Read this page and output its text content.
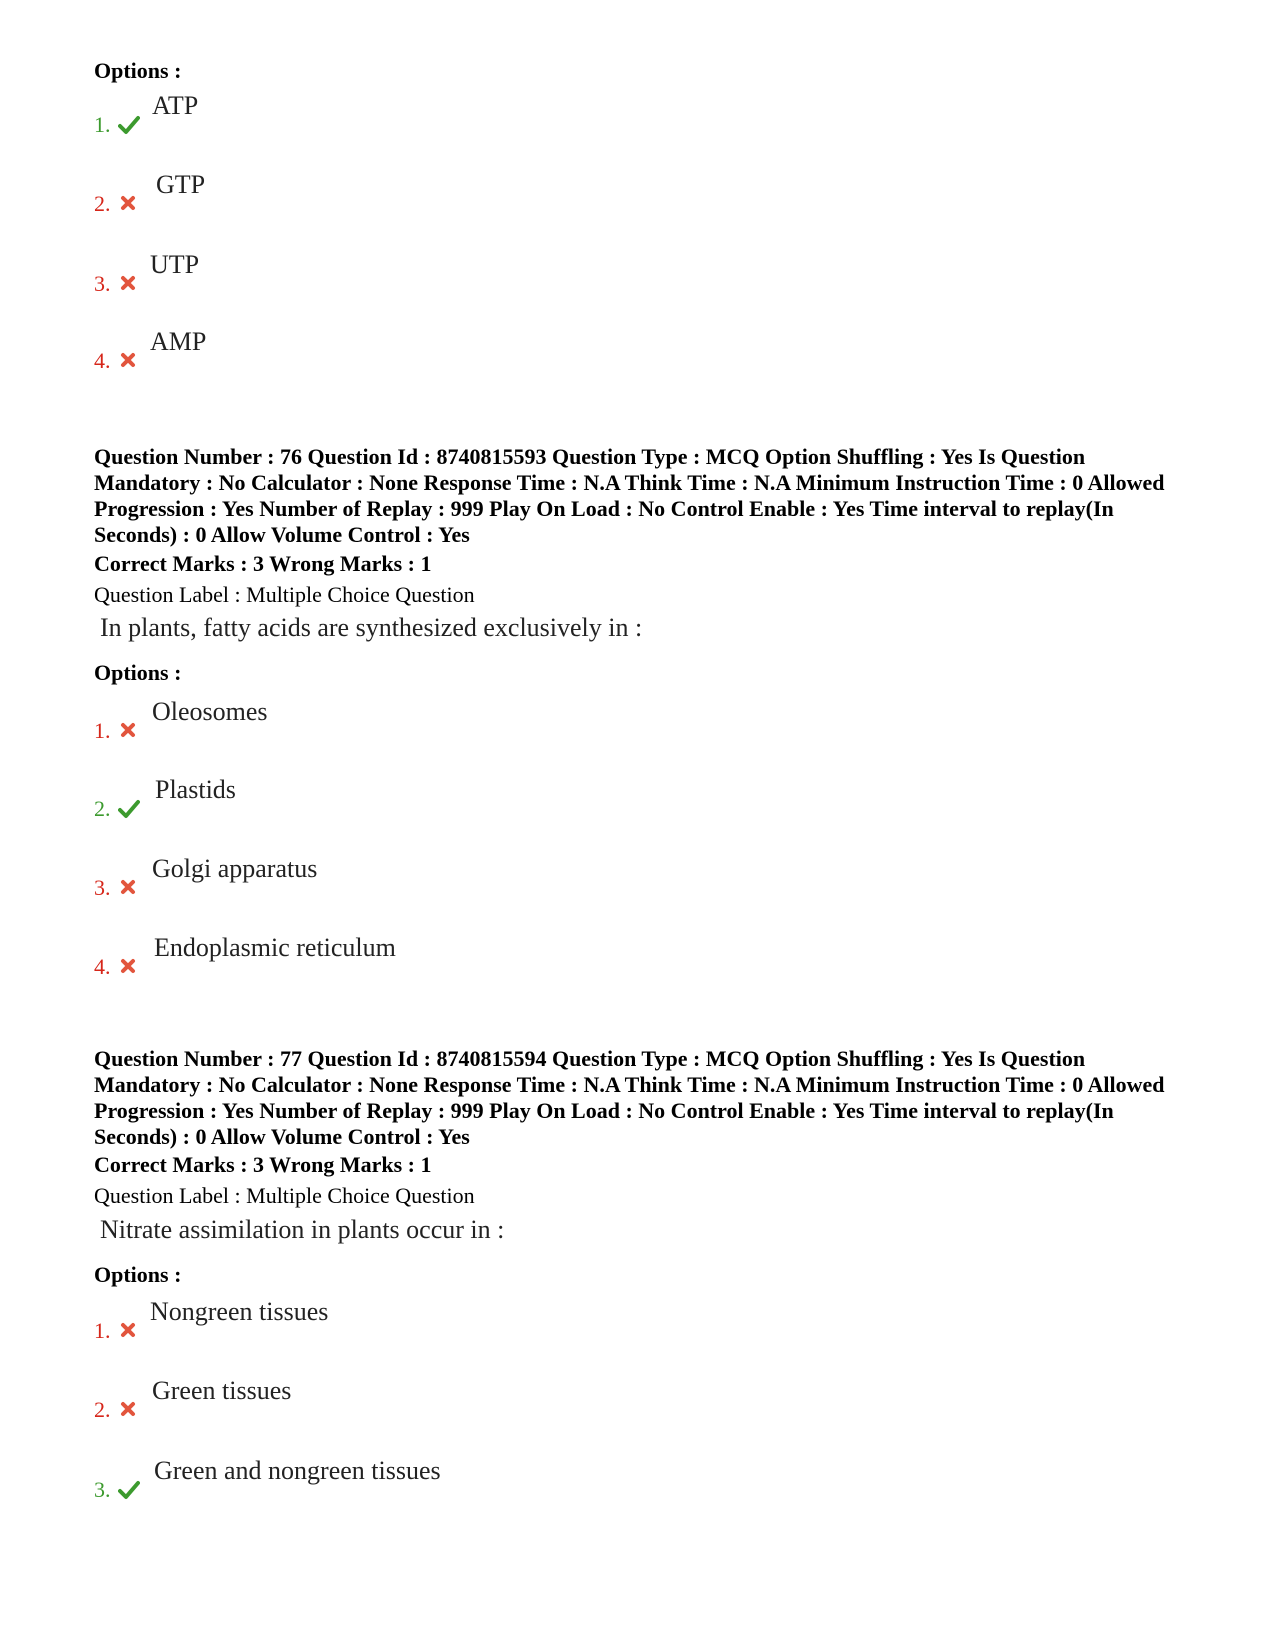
Options :
1.
ATP
2.
GTP
3.
UTP
4.
AMP
Question Number : 76 Question Id : 8740815593 Question Type : MCQ Option Shuffling : Yes Is Question Mandatory : No Calculator : None Response Time : N.A Think Time : N.A Minimum Instruction Time : 0 Allowed Progression : Yes Number of Replay : 999 Play On Load : No Control Enable : Yes Time interval to replay(In Seconds) : 0 Allow Volume Control : Yes
Correct Marks : 3 Wrong Marks : 1
Question Label : Multiple Choice Question
In plants, fatty acids are synthesized exclusively in :
Options :
1.
Oleosomes
2.
Plastids
3.
Golgi apparatus
4.
Endoplasmic reticulum
Question Number : 77 Question Id : 8740815594 Question Type : MCQ Option Shuffling : Yes Is Question Mandatory : No Calculator : None Response Time : N.A Think Time : N.A Minimum Instruction Time : 0 Allowed Progression : Yes Number of Replay : 999 Play On Load : No Control Enable : Yes Time interval to replay(In Seconds) : 0 Allow Volume Control : Yes
Correct Marks : 3 Wrong Marks : 1
Question Label : Multiple Choice Question
Nitrate assimilation in plants occur in :
Options :
1.
Nongreen tissues
2.
Green tissues
3.
Green and nongreen tissues
